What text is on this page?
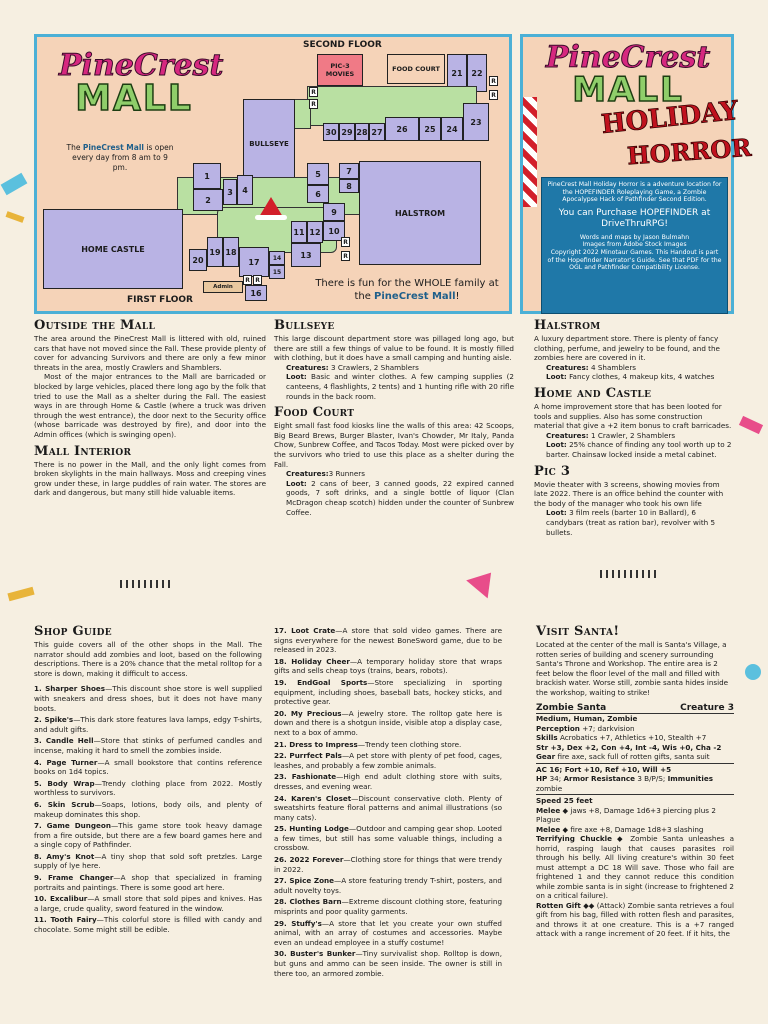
PineCrest
MALL
SECOND FLOOR
PIC-3 MOVIES
FOOD COURT	21	22
30 29 28 27	26	25	24
23
R
R
R
R
BULLSEYE
1
2
3	4
5
6
7
8
HALSTROM
HOME CASTLE
9
10
11 12
13
14
15
16
17
18
19
20
Admin
R
R
R R
FIRST FLOOR
The PineCrest Mall is open every day from 8 am to 9 pm.
There is fun for the WHOLE family at the PineCrest Mall!
PineCrest
MALL
HOLIDAY
HORROR

PineCrest Mall Holiday Horror is a adventure location for the HOPEFINDER Roleplaying Game, a Zombie Apocalypse Hack of Pathfinder Second Edition.

You can Purchase HOPEFINDER at DriveThruRPG!

Words and maps by Jason Bulmahn

Images from Adobe Stock Images

Copyright 2022 Minotaur Games. This Handout is part of the Hopefinder Narrator's Guide. See that PDF for the OGL and Pathfinder Compatibility License.

Outside the Mall

The area around the PineCrest Mall is littered with old, ruined cars that have not moved since the Fall. These provide plenty of cover for advancing Survivors and there are only a few minor threats in the area, mostly Crawlers and Shamblers.

Most of the major entrances to the Mall are barricaded or blocked by large vehicles, placed there long ago by the folk that tried to use the Mall as a shelter during the Fall. The easiest ways in are through Home & Castle (where a truck was driven through the west entrance), the door next to the Security office (whose barricade was destroyed by fire), and door into the Admin offices (which is swinging open).

Mall Interior

There is no power in the Mall, and the only light comes from broken skylights in the main hallways. Moss and creeping vines grow under these, in large puddles of rain water. The stores are dark and dangerous, but many still hide valuable items.

Bullseye

This large discount department store was pillaged long ago, but there are still a few things of value to be found. It is mostly filled with clothing, but it does have a small camping and hunting aisle.

Creatures: 3 Crawlers, 2 Shamblers

Loot: Basic and winter clothes. A few camping supplies (2 canteens, 4 flashlights, 2 tents) and 1 hunting rifle with 20 rifle rounds in the back room.

Food Court

Eight small fast food kiosks line the walls of this area: 42 Scoops, Big Beard Brews, Burger Blaster, Ivan's Chowder, Mr Italy, Panda Chow, Sunbrew Coffee, and Tacos Today. Most were picked over by the survivors who tried to use this place as a shelter during the Fall.

Creatures:3 Runners

Loot: 2 cans of beer, 3 canned goods, 22 expired canned goods, 7 soft drinks, and a single bottle of liquor (Clan McDragon cheap scotch) hidden under the counter of Sunbrew Coffee.

Halstrom

A luxury department store. There is plenty of fancy clothing, perfume, and jewelry to be found, and the zombies here are covered in it.

Creatures: 4 Shamblers

Loot: Fancy clothes, 4 makeup kits, 4 watches

Home and Castle

A home improvement store that has been looted for tools and supplies. Also has some construction material that give a +2 item bonus to craft barricades.

Creatures: 1 Crawler, 2 Shamblers

Loot: 25% chance of finding any tool worth up to 2 barter. Chainsaw locked inside a metal cabinet.

Pic 3

Movie theater with 3 screens, showing movies from late 2022. There is an office behind the counter with the body of the manager who took his own life

Loot: 3 film reels (barter 10 in Ballard), 6 candybars (treat as ration bar), revolver with 5 bullets.

Shop Guide

This guide covers all of the other shops in the Mall. The narrator should add zombies and loot, based on the following descriptions. There is a 20% chance that the metal rolltop for a store is down, making it difficult to access.

1. Sharper Shoes—This discount shoe store is well supplied with sneakers and dress shoes, but it does not have many boots.

2. Spike's—This dark store features lava lamps, edgy T-shirts, and adult gifts.

3. Candle Hell—Store that stinks of perfumed candles and incense, making it hard to smell the zombies inside.

4. Page Turner—A small bookstore that contins reference books on 1d4 topics.

5. Body Wrap—Trendy clothing place from 2022. Mostly worthless to survivors.

6. Skin Scrub—Soaps, lotions, body oils, and plenty of makeup dominates this shop.

7. Game Dungeon—This game store took heavy damage from a fire outside, but there are a few board games here and a single copy of Pathfinder.

8. Amy's Knot—A tiny shop that sold soft pretzles. Large supply of lye here.

9. Frame Changer—A shop that specialized in framing portraits and paintings. There is some good art here.

10. Excalibur—A small store that sold pipes and knives. Has a large, crude quality, sword featured in the window.

11. Tooth Fairy—This colorful store is filled with candy and chocolate. Some might still be edible.

17. Loot Crate—A store that sold video games. There are signs everywhere for the newest BoneSword game, due to be released in 2023.

18. Holiday Cheer—A temporary holiday store that wraps gifts and sells cheap toys (trains, bears, robots).

19. EndGoal Sports—Store specializing in sporting equipment, including shoes, baseball bats, hockey sticks, and protective gear.

20. My Precious—A jewelry store. The rolltop gate here is down and there is a shotgun inside, visible atop a display case, next to a box of ammo.

21. Dress to Impress—Trendy teen clothing store.

22. Purrfect Pals—A pet store with plenty of pet food, cages, leashes, and probably a few zombie animals.

23. Fashionate—High end adult clothing store with suits, dresses, and evening wear.

24. Karen's Closet—Discount conservative cloth. Plenty of sweatshirts feature floral patterns and animal illustrations (so many cats).

25. Hunting Lodge—Outdoor and camping gear shop. Looted a few times, but still has some valuable things, including a crossbow.

26. 2022 Forever—Clothing store for things that were trendy in 2022.

27. Spice Zone—A store featuring trendy T-shirt, posters, and adult novelty toys.

28. Clothes Barn—Extreme discount clothing store, featuring misprints and poor quality garments.

29. Stuffy's—A store that let you create your own stuffed animal, with an array of costumes and accessories. Maybe even an undead employee in a stuffy costume!

30. Buster's Bunker—Tiny survivalist shop. Rolltop is down, but guns and ammo can be seen inside. The owner is still in there too, an armored zombie.

Visit Santa!

Located at the center of the mall is Santa's Village, a rotten series of building and scenery surrounding Santa's Throne and Workshop. The entire area is 2 feet below the floor level of the mall and filled with brackish water. Worse still, zombie santa hides inside the workshop, waiting to strike!

Zombie Santa	Creature 3

Medium, Human, Zombie

Perception +7; darkvision

Skills Acrobatics +7, Athletics +10, Stealth +7

Str +3, Dex +2, Con +4, Int -4, Wis +0, Cha -2

Gear fire axe, sack full of rotten gifts, santa suit

AC 16; Fort +10, Ref +10, Will +5

HP 34; Armor Resistance 3 B/P/S; Immunities zombie

Speed 25 feet

Melee ◆ jaws +8, Damage 1d6+3 piercing plus 2 Plague

Melee ◆ fire axe +8, Damage 1d8+3 slashing

Terrifying Chuckle ◆ Zombie Santa unleashes a horrid, rasping laugh that causes parasites roil through his belly. All living creature's within 30 feet must attempt a DC 18 Will save. Those who fail are frightened 1 and they cannot reduce this condition while zombie santa is in sight (increase to frightened 2 on a critical failure).

Rotten Gift ◆◆ (Attack) Zombie santa retrieves a foul gift from his bag, filled with rotten flesh and parasites, and throws it at one creature. This is a +7 ranged attack with a range increment of 20 feet. If it hits, the
